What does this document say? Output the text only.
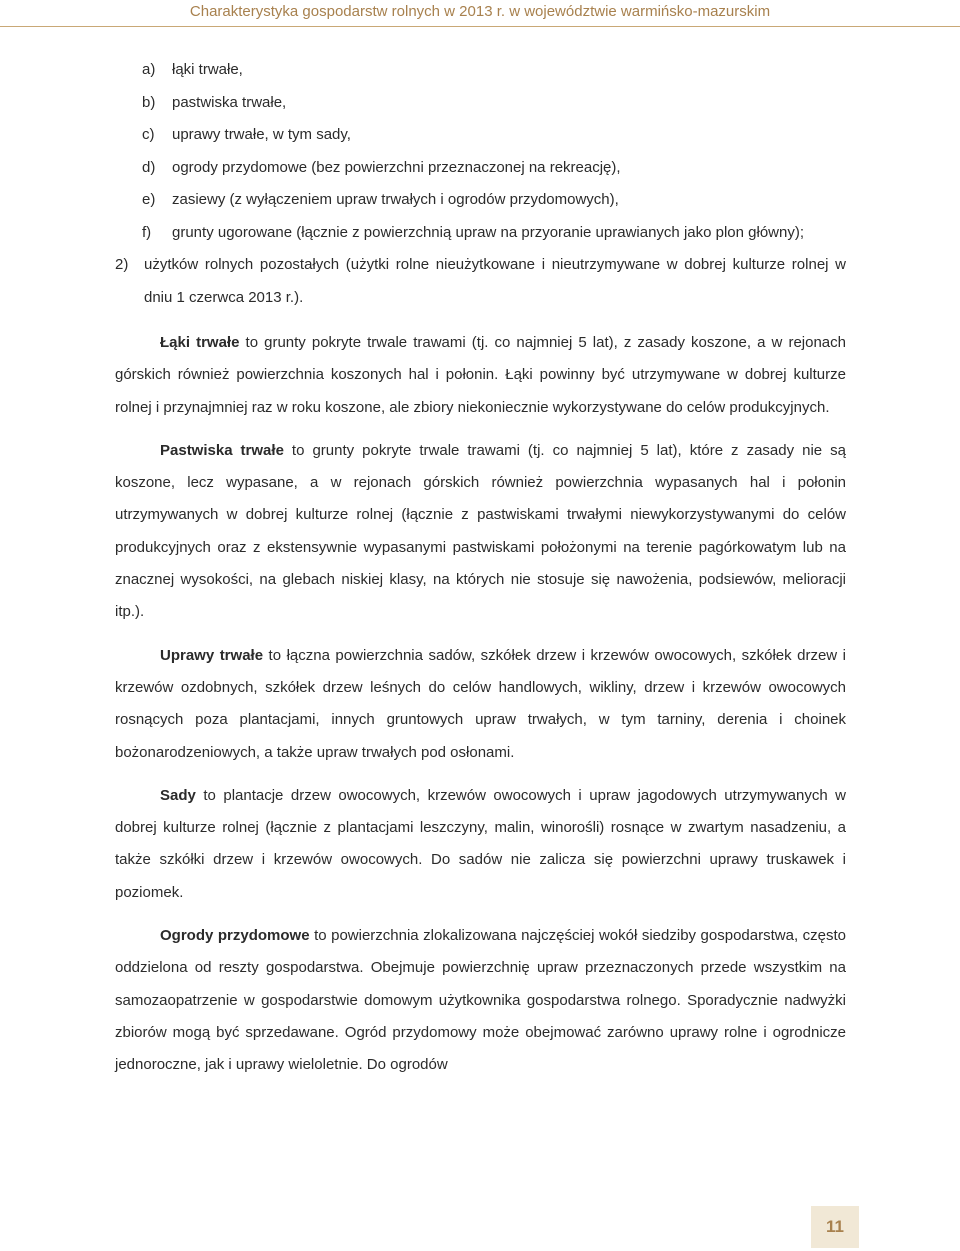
Charakterystyka gospodarstw rolnych w 2013 r. w województwie warmińsko-mazurskim
a) łąki trwałe,
b) pastwiska trwałe,
c) uprawy trwałe, w tym sady,
d) ogrody przydomowe (bez powierzchni przeznaczonej na rekreację),
e) zasiewy (z wyłączeniem upraw trwałych i ogrodów przydomowych),
f) grunty ugorowane (łącznie z powierzchnią upraw na przyoranie uprawianych jako plon główny);
2) użytków rolnych pozostałych (użytki rolne nieużytkowane i nieutrzymywane w dobrej kulturze rolnej w dniu 1 czerwca 2013 r.).

Łąki trwałe to grunty pokryte trwale trawami (tj. co najmniej 5 lat), z zasady koszone, a w rejonach górskich również powierzchnia koszonych hal i połonin. Łąki powinny być utrzymywane w dobrej kulturze rolnej i przynajmniej raz w roku koszone, ale zbiory niekoniecznie wykorzystywane do celów produkcyjnych.

Pastwiska trwałe to grunty pokryte trwale trawami (tj. co najmniej 5 lat), które z zasady nie są koszone, lecz wypasane, a w rejonach górskich również powierzchnia wypasanych hal i połonin utrzymywanych w dobrej kulturze rolnej (łącznie z pastwiskami trwałymi niewykorzystywanymi do celów produkcyjnych oraz z ekstensywnie wypasanymi pastwiskami położonymi na terenie pagórkowatym lub na znacznej wysokości, na glebach niskiej klasy, na których nie stosuje się nawożenia, podsiewów, melioracji itp.).

Uprawy trwałe to łączna powierzchnia sadów, szkółek drzew i krzewów owocowych, szkółek drzew i krzewów ozdobnych, szkółek drzew leśnych do celów handlowych, wikliny, drzew i krzewów owocowych rosnących poza plantacjami, innych gruntowych upraw trwałych, w tym tarniny, derenia i choinek bożonarodzeniowych, a także upraw trwałych pod osłonami.

Sady to plantacje drzew owocowych, krzewów owocowych i upraw jagodowych utrzymywanych w dobrej kulturze rolnej (łącznie z plantacjami leszczyny, malin, winorośli) rosnące w zwartym nasadzeniu, a także szkółki drzew i krzewów owocowych. Do sadów nie zalicza się powierzchni uprawy truskawek i poziomek.

Ogrody przydomowe to powierzchnia zlokalizowana najczęściej wokół siedziby gospodarstwa, często oddzielona od reszty gospodarstwa. Obejmuje powierzchnię upraw przeznaczonych przede wszystkim na samozaopatrzenie w gospodarstwie domowym użytkownika gospodarstwa rolnego. Sporadycznie nadwyżki zbiorów mogą być sprzedawane. Ogród przydomowy może obejmować zarówno uprawy rolne i ogrodnicze jednoroczne, jak i uprawy wieloletnie. Do ogrodów

11
